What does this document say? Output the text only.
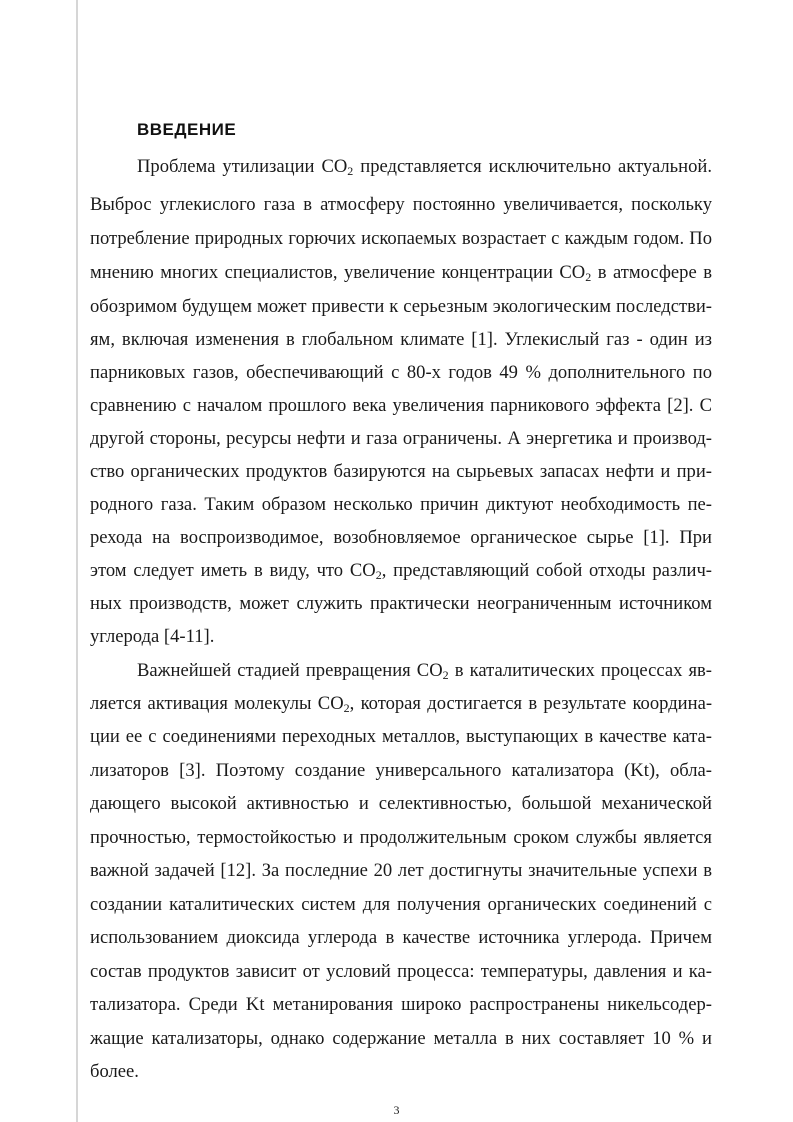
ВВЕДЕНИЕ
Проблема утилизации $CO_2$ представляется исключительно актуальной.
Выброс углекислого газа в атмосферу постоянно увеличивается, поскольку
потребление природных горючих ископаемых возрастает с каждым годом. По
мнению многих специалистов, увеличение концентрации $CO_2$ в атмосфере в
обозримом будущем может привести к серьезным экологическим последстви-
ям, включая изменения в глобальном климате [1]. Углекислый газ - один из
парниковых газов, обеспечивающий с 80-х годов 49 % дополнительного по
сравнению с началом прошлого века увеличения парникового эффекта [2]. С
другой стороны, ресурсы нефти и газа ограничены. А энергетика и производ-
ство органических продуктов базируются на сырьевых запасах нефти и при-
родного газа. Таким образом несколько причин диктуют необходимость пе-
рехода на воспроизводимое, возобновляемое органическое сырье [1]. При
этом следует иметь в виду, что $CO_2$, представляющий собой отходы различ-
ных производств, может служить практически неограниченным источником
углерода [4-11].
Важнейшей стадией превращения $CO_2$ в каталитических процессах яв-
ляется активация молекулы $CO_2$, которая достигается в результате координа-
ции ее с соединениями переходных металлов, выступающих в качестве ката-
лизаторов [3]. Поэтому создание универсального катализатора (Kt), обла-
дающего высокой активностью и селективностью, большой механической
прочностью, термостойкостью и продолжительным сроком службы является
важной задачей [12]. За последние 20 лет достигнуты значительные успехи в
создании каталитических систем для получения органических соединений с
использованием диоксида углерода в качестве источника углерода. Причем
состав продуктов зависит от условий процесса: температуры, давления и ка-
тализатора. Среди Kt метанирования широко распространены никельсодер-
жащие катализаторы, однако содержание металла в них составляет 10 % и
более.
3
